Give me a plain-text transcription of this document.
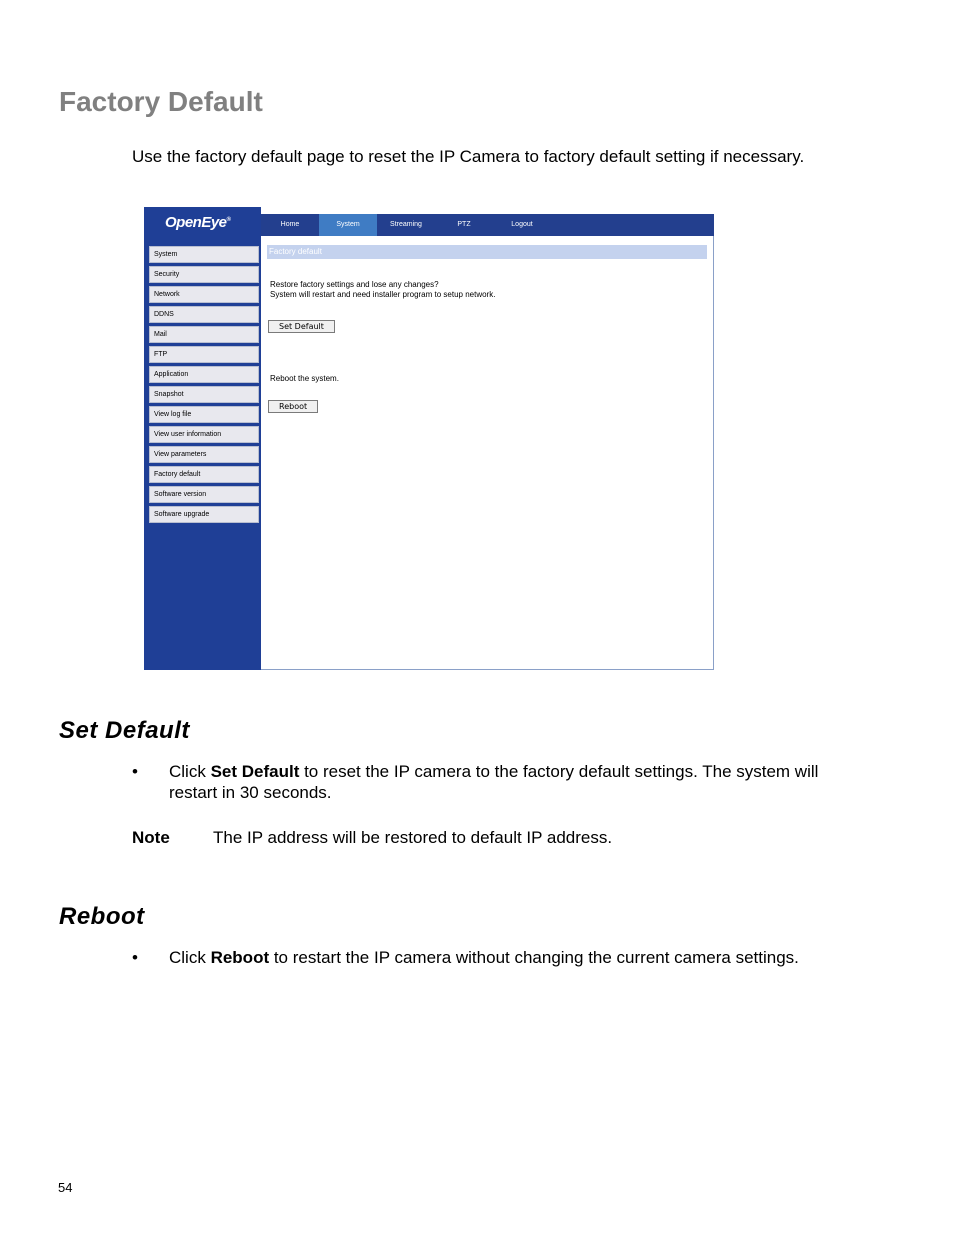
Factory Default

Use the factory default page to reset the IP Camera to factory default setting if necessary.

OpenEye®
Home	System	Streaming	PTZ	Logout
System
Security
Network
DDNS
Mail
FTP
Application
Snapshot
View log file
View user information
View parameters
Factory default
Software version
Software upgrade
Factory default
Restore factory settings and lose any changes?
System will restart and need installer program to setup network.
Set Default
Reboot the system.
Reboot
Set Default
• Click Set Default to reset the IP camera to the factory default settings. The system will restart in 30 seconds.
Note	The IP address will be restored to default IP address.
Reboot
• Click Reboot to restart the IP camera without changing the current camera settings.
54
